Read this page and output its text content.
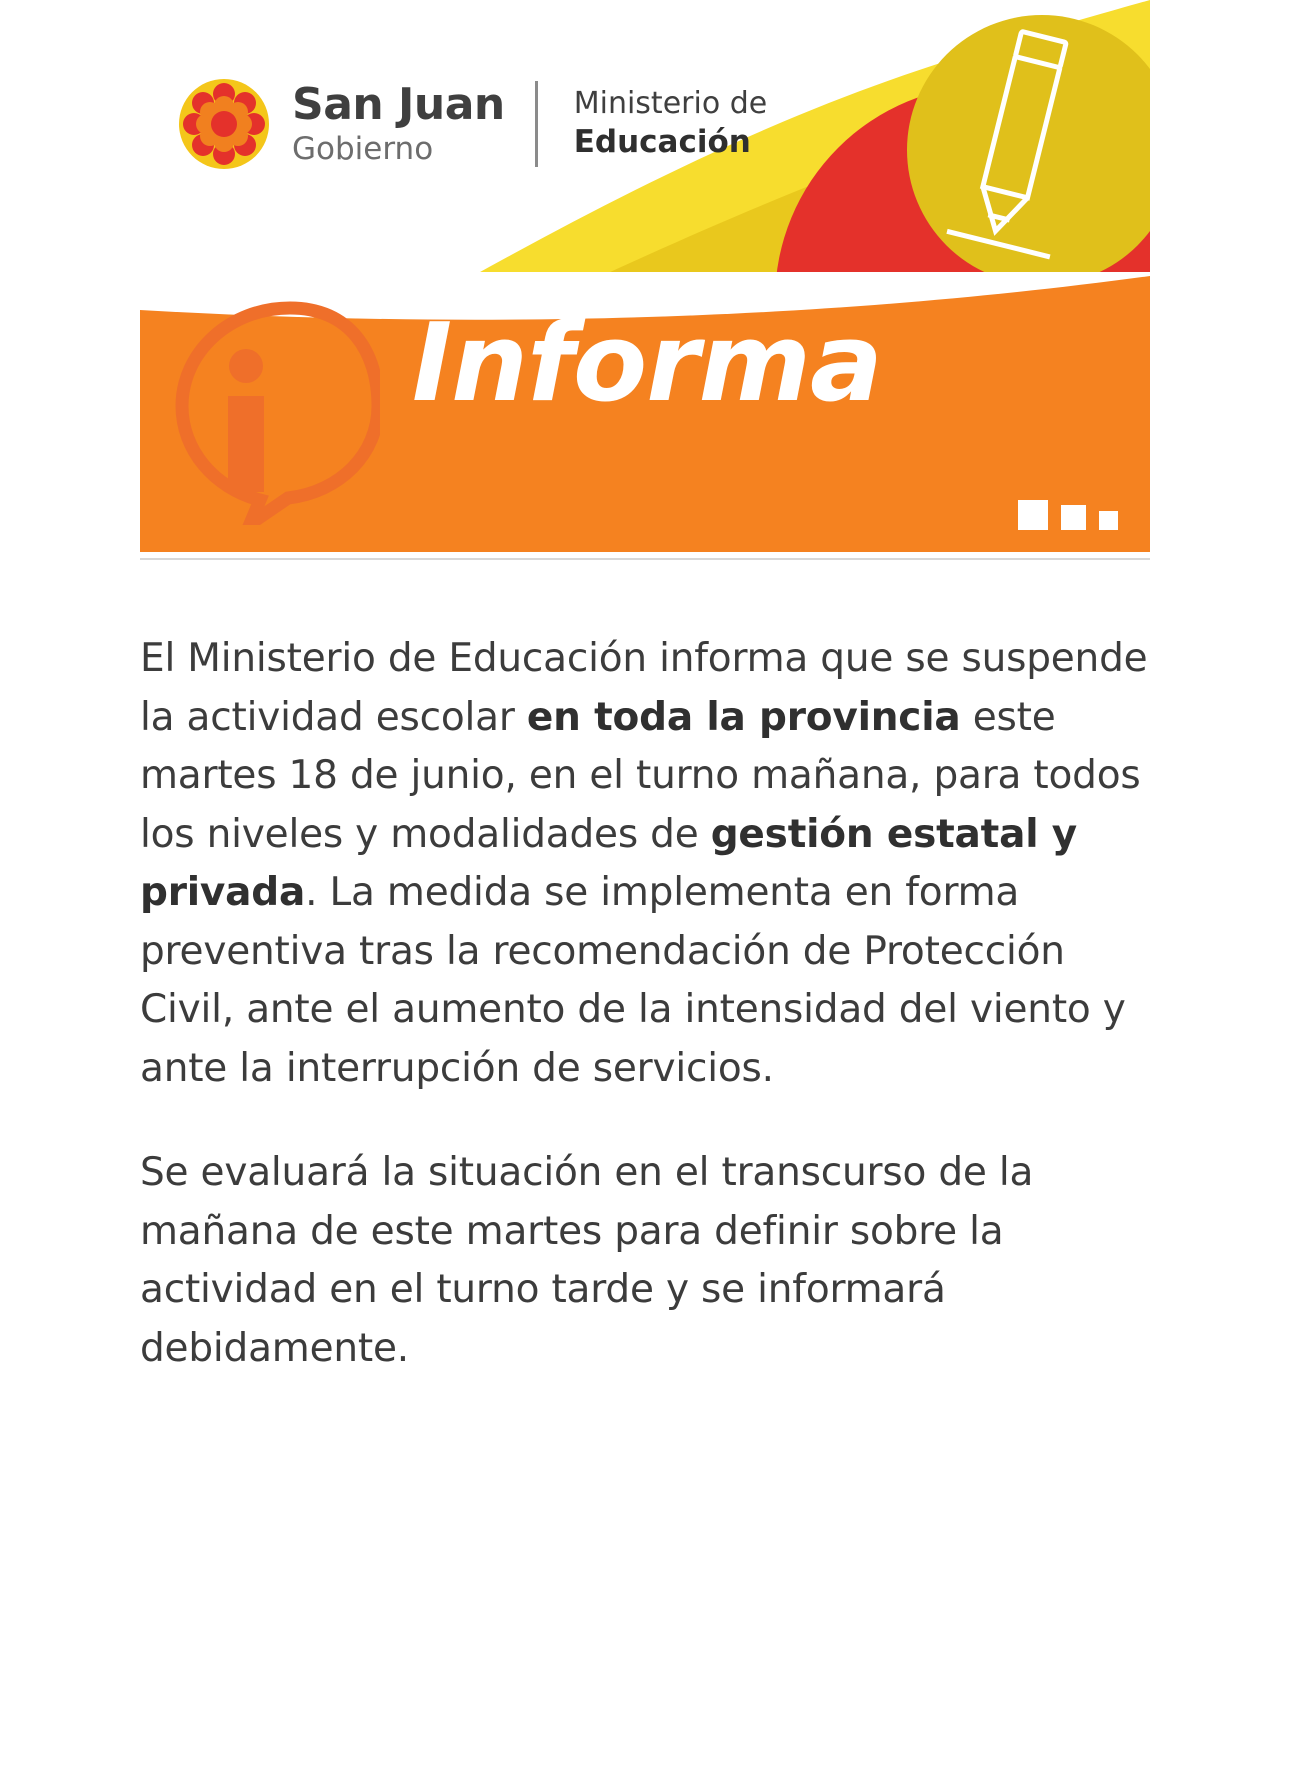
San Juan
Gobierno
Ministerio de
Educación
Informa

El Ministerio de Educación informa que se suspende la actividad escolar en toda la provincia este martes 18 de junio, en el turno mañana, para todos los niveles y modalidades de gestión estatal y privada. La medida se implementa en forma preventiva tras la recomendación de Protección Civil, ante el aumento de la intensidad del viento y ante la interrupción de servicios.

Se evaluará la situación en el transcurso de la mañana de este martes para definir sobre la actividad en el turno tarde y se informará debidamente.
